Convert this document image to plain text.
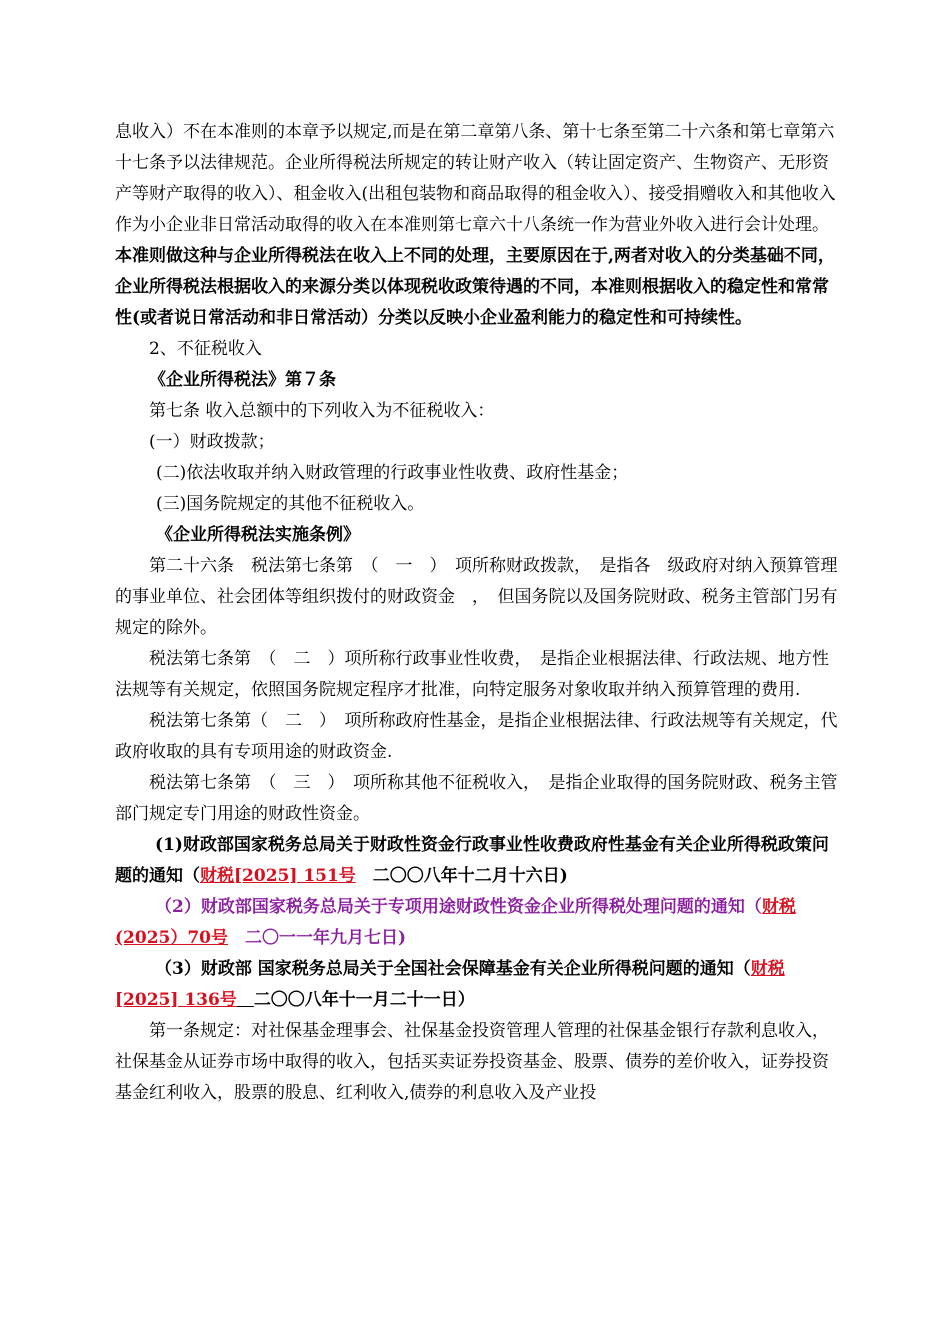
息收入）不在本准则的本章予以规定,而是在第二章第八条、第十七条至第二十六条和第七章第六十七条予以法律规范。企业所得税法所规定的转让财产收入（转让固定资产、生物资产、无形资产等财产取得的收入）、租金收入(出租包装物和商品取得的租金收入）、接受捐赠收入和其他收入作为小企业非日常活动取得的收入在本准则第七章六十八条统一作为营业外收入进行会计处理。本准则做这种与企业所得税法在收入上不同的处理，主要原因在于,两者对收入的分类基础不同，企业所得税法根据收入的来源分类以体现税收政策待遇的不同，本准则根据收入的稳定性和常常性(或者说日常活动和非日常活动）分类以反映小企业盈利能力的稳定性和可持续性。

2、不征税收入

《企业所得税法》第７条

第七条 收入总额中的下列收入为不征税收入：

(一）财政拨款；

(二)依法收取并纳入财政管理的行政事业性收费、政府性基金；

(三)国务院规定的其他不征税收入。

《企业所得税法实施条例》

第二十六条　税法第七条第　（　一　）　项所称财政拨款，　是指各　级政府对纳入预算管理的事业单位、社会团体等组织拨付的财政资金　，　但国务院以及国务院财政、税务主管部门另有规定的除外。

税法第七条第　（　二　）项所称行政事业性收费，　是指企业根据法律、行政法规、地方性法规等有关规定，依照国务院规定程序才批准，向特定服务对象收取并纳入预算管理的费用.

税法第七条第（　二　）　项所称政府性基金，是指企业根据法律、行政法规等有关规定，代政府收取的具有专项用途的财政资金.

税法第七条第　（　三　）　项所称其他不征税收入，　是指企业取得的国务院财政、税务主管部门规定专门用途的财政性资金。

(1)财政部国家税务总局关于财政性资金行政事业性收费政府性基金有关企业所得税政策问题的通知（财税[2025] 151号　二〇〇八年十二月十六日)

（2）财政部国家税务总局关于专项用途财政性资金企业所得税处理问题的通知（财税(2025）70号　二〇一一年九月七日)

（3）财政部 国家税务总局关于全国社会保障基金有关企业所得税问题的通知（财税[2025] 136号　 二〇〇八年十一月二十一日）

第一条规定：对社保基金理事会、社保基金投资管理人管理的社保基金银行存款利息收入，社保基金从证券市场中取得的收入，包括买卖证券投资基金、股票、债券的差价收入，证券投资基金红利收入，股票的股息、红利收入,债券的利息收入及产业投
